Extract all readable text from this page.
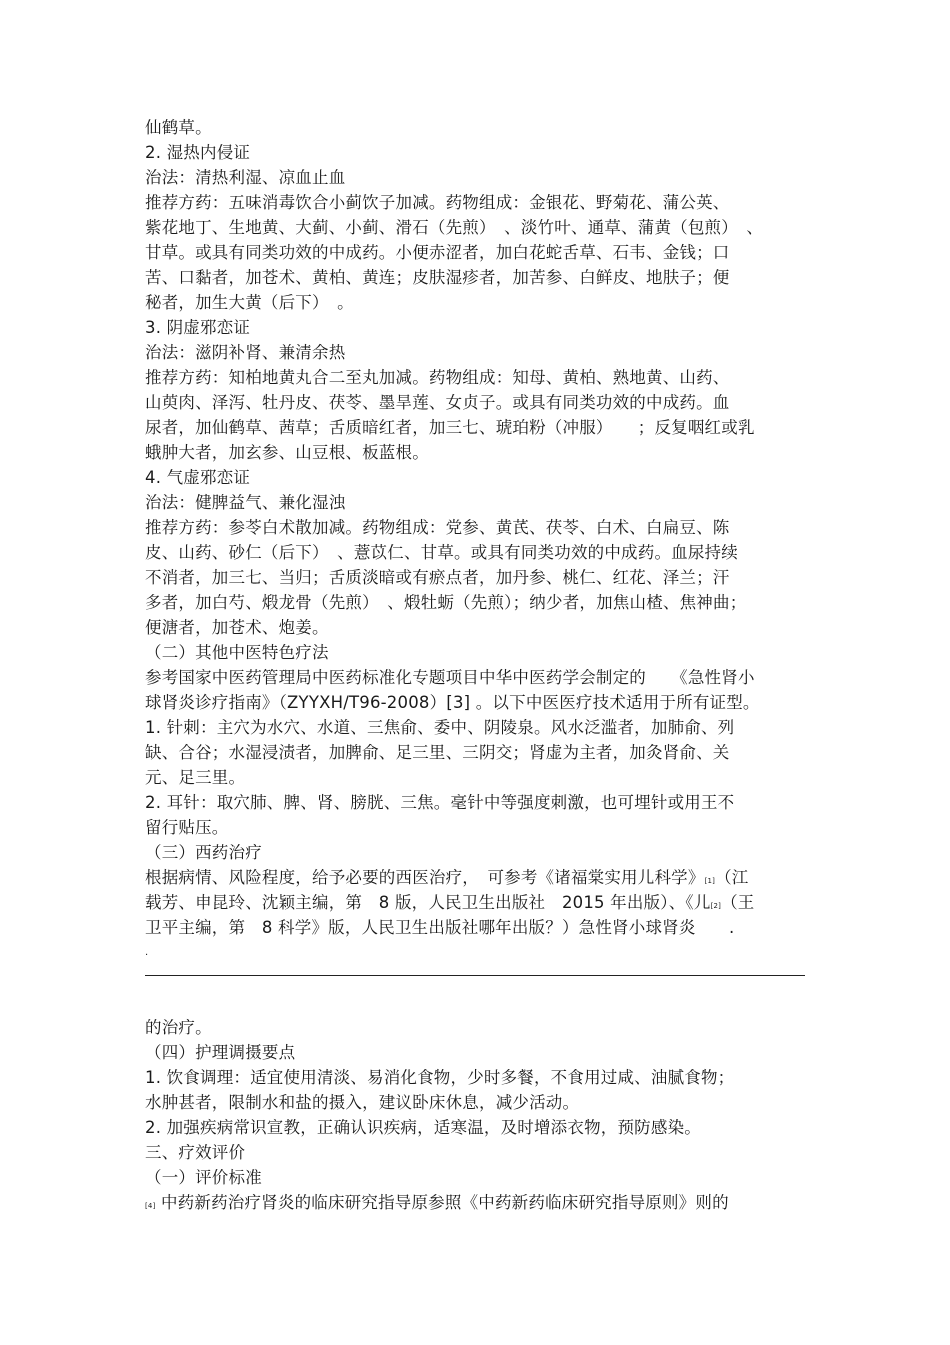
仙鹤草。
2. 湿热内侵证
治法：清热利湿、凉血止血
推荐方药：五味消毒饮合小蓟饮子加减。药物组成：金银花、野菊花、蒲公英、
紫花地丁、生地黄、大蓟、小蓟、滑石（先煎）　、淡竹叶、通草、蒲黄（包煎）　、
甘草。或具有同类功效的中成药。小便赤涩者，加白花蛇舌草、石韦、金钱；口
苦、口黏者，加苍术、黄柏、黄连；皮肤湿疹者，加苦参、白鲜皮、地肤子；便
秘者，加生大黄（后下）　。
3. 阴虚邪恋证
治法：滋阴补肾、兼清余热
推荐方药：知柏地黄丸合二至丸加减。药物组成：知母、黄柏、熟地黄、山药、
山萸肉、泽泻、牡丹皮、茯苓、墨旱莲、女贞子。或具有同类功效的中成药。血
尿者，加仙鹤草、茜草；舌质暗红者，加三七、琥珀粉（冲服）　　；反复咽红或乳
蛾肿大者，加玄参、山豆根、板蓝根。
4. 气虚邪恋证
治法：健脾益气、兼化湿浊
推荐方药：参苓白术散加减。药物组成：党参、黄芪、茯苓、白术、白扁豆、陈
皮、山药、砂仁（后下）　、薏苡仁、甘草。或具有同类功效的中成药。血尿持续
不消者，加三七、当归；舌质淡暗或有瘀点者，加丹参、桃仁、红花、泽兰；汗
多者，加白芍、煅龙骨（先煎）　、煅牡蛎（先煎）；纳少者，加焦山楂、焦神曲；
便溏者，加苍术、炮姜。
（二）其他中医特色疗法
参考国家中医药管理局中医药标准化专题项目中华中医药学会制定的　　《急性肾小
球肾炎诊疗指南》（ZYYXH/T96-2008）[3] 。以下中医医疗技术适用于所有证型。
1. 针刺：主穴为水穴、水道、三焦俞、委中、阴陵泉。风水泛滥者，加肺俞、列
缺、合谷；水湿浸渍者，加脾俞、足三里、三阴交；肾虚为主者，加灸肾俞、关
元、足三里。
2. 耳针：取穴肺、脾、肾、膀胱、三焦。毫针中等强度刺激，也可埋针或用王不
留行贴压。
（三）西药治疗
根据病情、风险程度，给予必要的西医治疗，　可参考《诸福棠实用儿科学》[1]（江
载芳、申昆玲、沈颖主编，第　8 版，人民卫生出版社　2015 年出版）、《儿[2]（王
卫平主编，第　8 科学》版，人民卫生出版社哪年出版？）急性肾小球肾炎　　 .
.
的治疗。
（四）护理调摄要点
1. 饮食调理：适宜使用清淡、易消化食物，少时多餐，不食用过咸、油腻食物；
水肿甚者，限制水和盐的摄入，建议卧床休息，减少活动。
2. 加强疾病常识宣教，正确认识疾病，适寒温，及时增添衣物，预防感染。
三、疗效评价
（一）评价标准
[4] 中药新药治疗肾炎的临床研究指导原参照《中药新药临床研究指导原则》则的
